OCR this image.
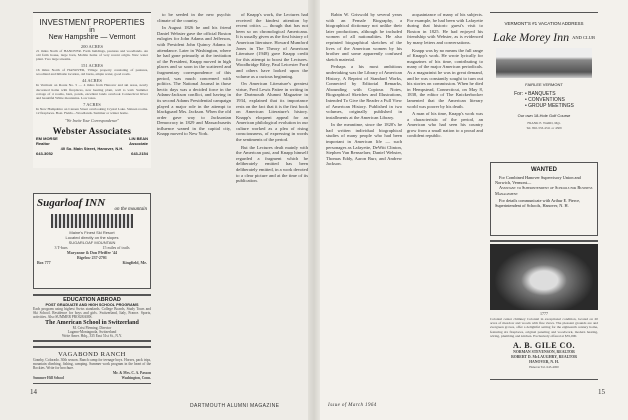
INVESTMENT PROPERTIES
in
New Hampshire — Vermont
200 ACRES
21 miles North of HANOVER. Farm buildings, pastures and woodlands. An old farm house, large barn, Mobile home of very recent origin. New water plant. Two large streams.
151 ACRES
16 miles North of HANOVER, Village property consisting of pastures, woodland and hillside location, old barns, ample water, good roads.
44 ACRES
In Vermont on Route No. 5 — 4 miles from Hanover and ski areas, newly decorated home with fireplaces, new heating plant, wall to wall. Summer cottage of 4 rooms, barn, ponds, excellent lands overlook Connecticut River and beautiful White mountains. Low taxes.
7 ACRES
In New Hampshire on Canaan Street overlooking Crystal Lake. Sixteen rooms. 12 fireplaces. Boat. Fields—Woodlands. Summer or winter home.
"We Invite Your Correspondence"
Webster Associates
EM MORSE
Realtor
LIN BEAN
Associate
40 So. Main Street, Hanover, N.H.
643-3052	643-2154
Sugarloaf INN
on the mountain
Maine's Finest Ski Resort
Located directly on the slopes
SUGARLOAF MOUNTAIN
3 T-bars	15 miles of trails
Maryanne & Don Pfeiffer '44
Bigelow 237-2701
Box 777	Kingfield, Me.
EDUCATION ABROAD
POST GRADUATE AND HIGH SCHOOL PROGRAMS
Each program using highest Swiss standards. College Boards, Study Tours and Ski School. Residence for boys and girls. Switzerland, Italy, France. Sports, activities. Also SUMMER PROGRAMS.
The American School in Switzerland
M. Crist Fleming, Director
Lugano-Montagnola, Switzerland
Write Amer. Hdq., 335 East 51st St., N.Y.
VAGABOND RANCH
Granby, Colorado. 30th season. Ranch camp for teenage boys. Horses, pack trips, mountain climbing, fishing, camping. Summer work program in the heart of the Rockies. Write for brochure.
Mr. & Mrs. C. A. Paxson
Summer Hill School	Washington, Conn.
14
DARTMOUTH ALUMNI MAGAZINE

to be seeded in the new psychic climate of the country.

In August 1826 he and his friend Daniel Webster gave the official Boston eulogies for John Adams and Jefferson, with President John Quincy Adams in attendance. Later in Washington, where he had gone primarily at the invitation of the President, Knapp moved in high places and so soon in the scattered and fragmentary correspondence of this period, was much concerned with politics. The National Journal in those hectic days was a decided force in the Adams-Jackson conflict, and having in its second Adams Presidential campaign played a major role in the attempt to blackguard Mrs. Jackson. When the old order gave way to Jacksonian Democracy in 1829 and Massachusetts influence waned in the capital city, Knapp moved to New York.

of Knapp's work, the Lectures had received the kindest attention by recent critics — though that has not been so on chronological Americana. It is usually given as the first history of American literature. Howard Mumford Jones in The Theory of American Literature (1948) gave Knapp credit for this attempt to boost the Lectures. Woodbridge Riley, Paul Leicester Ford and others have looked upon the volume as a curious beginning.

On American Literature's greatest virtue, Fred Lewis Pattee in writing in the Dartmouth Alumni Magazine in 1934, explained that its importance rests on the fact that it is the first book on American Literature's history. Knapp's eloquent appeal for an American philological evolution in our culture worked as a plea of rising consciousness, of expressing in words the sentiments of the period.

But the Lectures dealt mainly with the American past, and Knapp himself regarded a fragment which he deliberately emitted has been deliberately emitted, in a work devoted to a clear picture and at the time of its publication.

Rabin W. Griswold by several years with an Female Biography, a biographical dictionary not unlike their later productions, although he included women of all nationalities. He also reprinted biographical sketches of the lives of the American women by his brother and some apparently confused sketch material.

Perhaps a his most ambitious undertaking was the Library of American History, A Reprint of Standard Works, Connected by Editorial Remarks, Abounding with Copious Notes, Biographical Sketches and Illustrations, Intended To Give the Reader a Full View of American History. Published in two volumes, originally published in installments at the American Library.

In the meantime, since the 1820's he had written individual biographical studies of many people who had been important in American life — such personages as Lafayette, DeWitt Clinton, Stephen Van Rensselaer, Daniel Webster, Thomas Eddy, Aaron Burr, and Andrew Jackson.

acquaintance of many of his subjects. For example, he had been with Lafayette during that historic guest's visit to Boston in 1825. He had enjoyed his friendship with Webster, as is evidenced by many letters and conversations.

Knapp was by no means the full range of Knapp's work. He wrote lyrically for magazines of his time, contributing to many of the major American periodicals. As a magazinist he was in great demand, and he was constantly sought to turn out his stories on commission. When he died in Hempstead, Connecticut, on May 8, 1838, the editor of The Knickerbocker lamented that the American literary world was poorer by his death.

A man of his time, Knapp's work was a characteristic of the period, an American who had seen his country grow from a small nation to a proud and confident republic.

Issue of March 1964
15
VERMONT'S #1 VACATION ADDRESS
Lake Morey Inn AND CLUB
FAIRLEE VERMONT
For: • BANQUETS
• CONVENTIONS
• GROUP MEETINGS
Our own 18-Hole Golf Course
FRANK E. WARD, Mgr.
Tel. 802-333-4311 or 4309
WANTED
For Combined Hanover Supervisory Union and Norwich, Vermont—
Assistant to Superintendent of Schools for Business Management
For details communicate with Arthur E. Pierce, Superintendent of Schools, Hanover, N. H.
1777
Colonial center chimney Colonial in exceptional condition, located on 20 acres of meadow and woods with fine views. The pleasant grounds are and evergreen groves, offer a delightful setting for the eighteenth century home, featuring six fireplaces, original paneling and woodwork, modern heating, wiring, plumbing and kitchen. Exclusively offered at $35,000.
A. B. GILE CO.
NORMAN STEVENSON, REALTOR
ROBERT D. McLAUGHRY, REALTOR
HANOVER, N. H.
Hanover Tel. 643-4000
